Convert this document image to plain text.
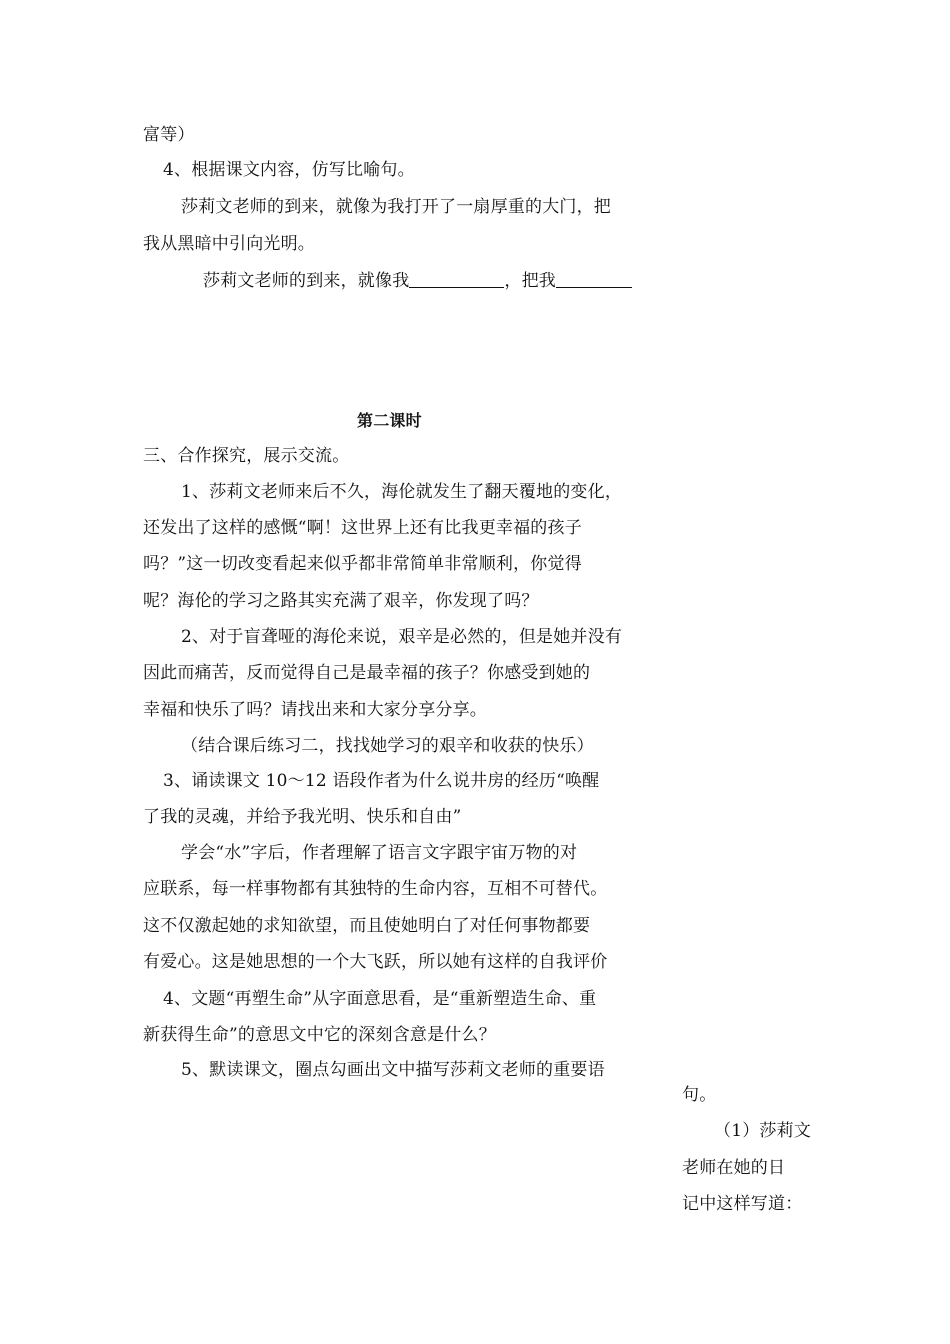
富等）
4、根据课文内容，仿写比喻句。
莎莉文老师的到来，就像为我打开了一扇厚重的大门，把
我从黑暗中引向光明。
莎莉文老师的到来，就像我	，把我
第二课时
三、合作探究，展示交流。
1、莎莉文老师来后不久，海伦就发生了翻天覆地的变化，
还发出了这样的感慨“啊！这世界上还有比我更幸福的孩子
吗？”这一切改变看起来似乎都非常简单非常顺利，你觉得
呢？海伦的学习之路其实充满了艰辛，你发现了吗？
2、对于盲聋哑的海伦来说，艰辛是必然的，但是她并没有
因此而痛苦，反而觉得自己是最幸福的孩子？你感受到她的
幸福和快乐了吗？请找出来和大家分享分享。
（结合课后练习二，找找她学习的艰辛和收获的快乐）
3、诵读课文 10～12 语段作者为什么说井房的经历“唤醒
了我的灵魂，并给予我光明、快乐和自由”
学会“水”字后，作者理解了语言文字跟宇宙万物的对
应联系，每一样事物都有其独特的生命内容，互相不可替代。
这不仅激起她的求知欲望，而且使她明白了对任何事物都要
有爱心。这是她思想的一个大飞跃，所以她有这样的自我评价
4、文题“再塑生命”从字面意思看，是“重新塑造生命、重
新获得生命”的意思文中它的深刻含意是什么？
5、默读课文，圈点勾画出文中描写莎莉文老师的重要语
句。
（1）莎莉文
老师在她的日
记中这样写道：
